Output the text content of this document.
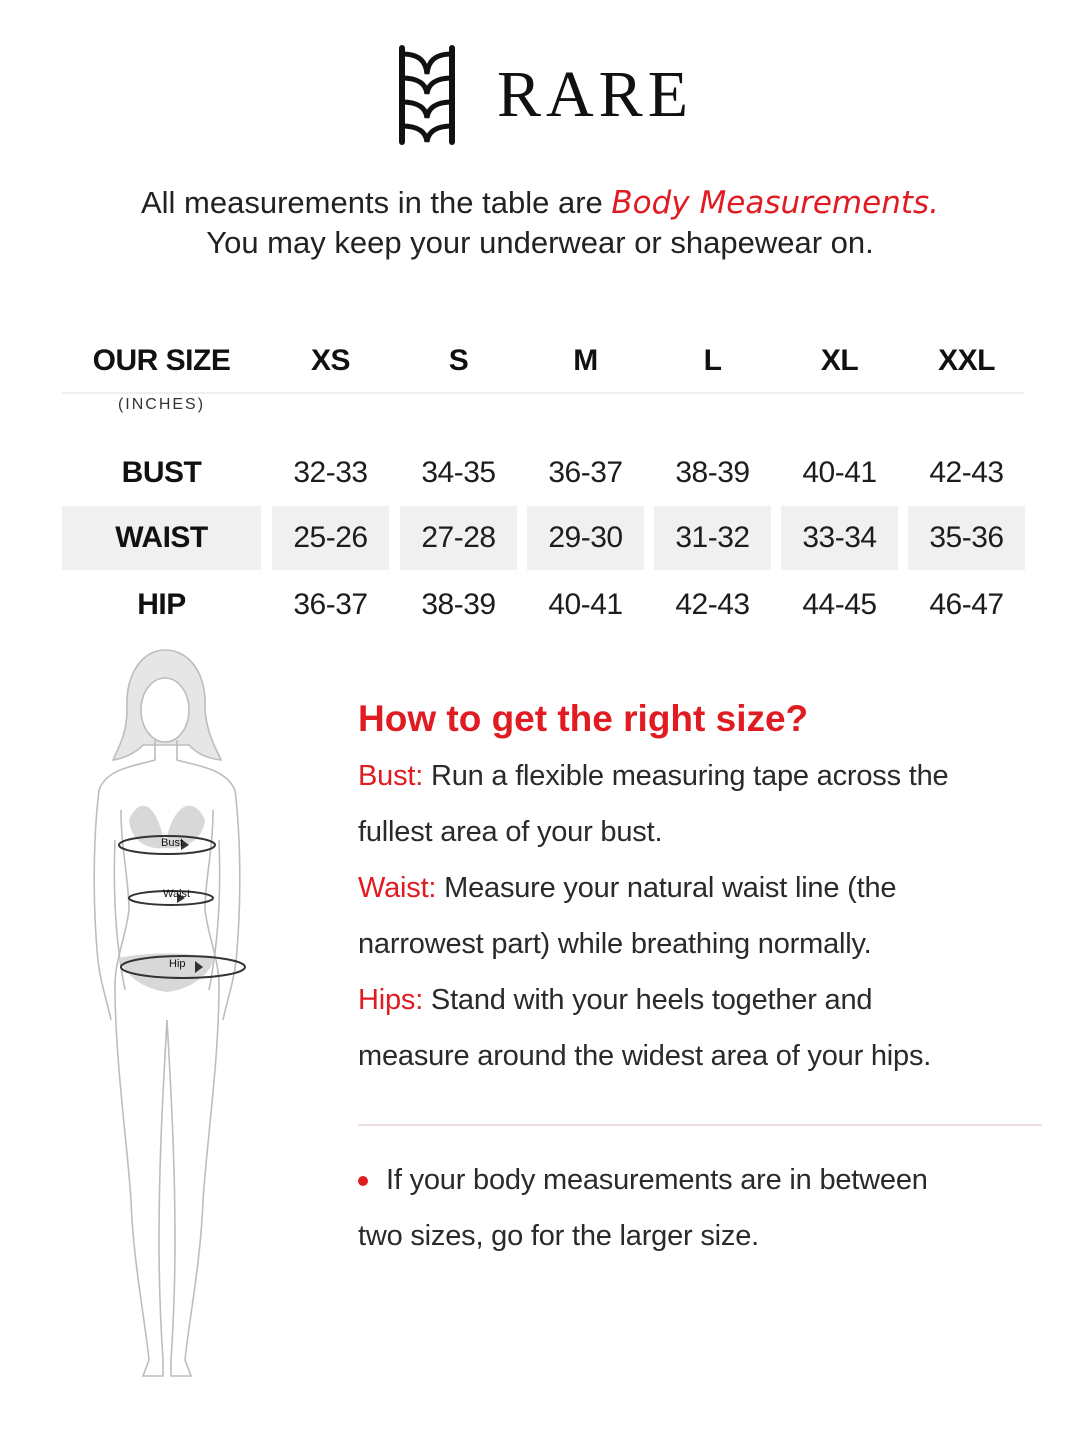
RARE
All measurements in the table are Body Measurements.
You may keep your underwear or shapewear on.
OUR SIZE	XS	S	M	L	XL	XXL
BUST	32-33	34-35	36-37	38-39	40-41	42-43
WAIST	25-26	27-28	29-30	31-32	33-34	35-36
HIP	36-37	38-39	40-41	42-43	44-45	46-47
(INCHES)
Bust
Waist
Hip
How to get the right size?
Bust: Run a flexible measuring tape across the
fullest area of your bust.
Waist: Measure your natural waist line (the
narrowest part) while breathing normally.
Hips: Stand with your heels together and
measure around the widest area of your hips.
If your body measurements are in between
two sizes, go for the larger size.
